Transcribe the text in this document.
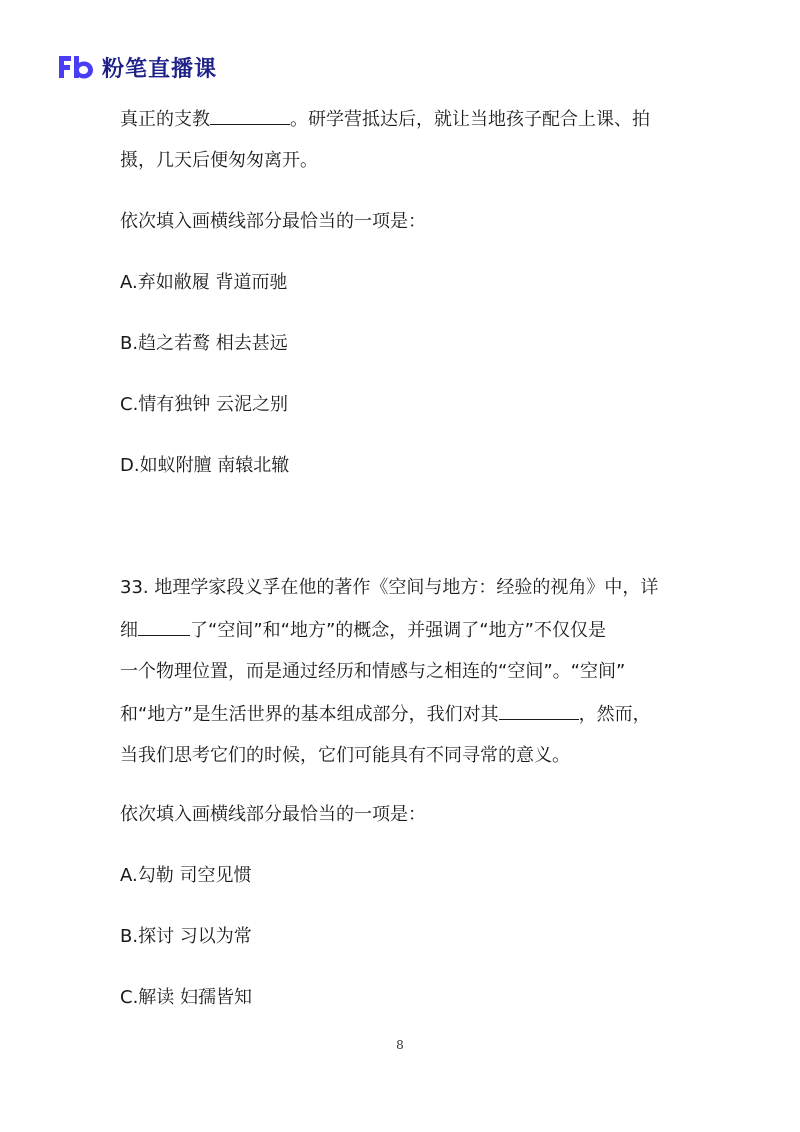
粉笔直播课
真正的支教	。研学营抵达后，就让当地孩子配合上课、拍
摄，几天后便匆匆离开。
依次填入画横线部分最恰当的一项是：
A.弃如敝履 背道而驰
B.趋之若鹜 相去甚远
C.情有独钟 云泥之别
D.如蚁附膻 南辕北辙
33. 地理学家段义孚在他的著作《空间与地方：经验的视角》中，详
细	了“空间”和“地方”的概念，并强调了“地方”不仅仅是
一个物理位置，而是通过经历和情感与之相连的“空间”。“空间”
和“地方”是生活世界的基本组成部分，我们对其	，然而，
当我们思考它们的时候，它们可能具有不同寻常的意义。
依次填入画横线部分最恰当的一项是：
A.勾勒 司空见惯
B.探讨 习以为常
C.解读 妇孺皆知
8
